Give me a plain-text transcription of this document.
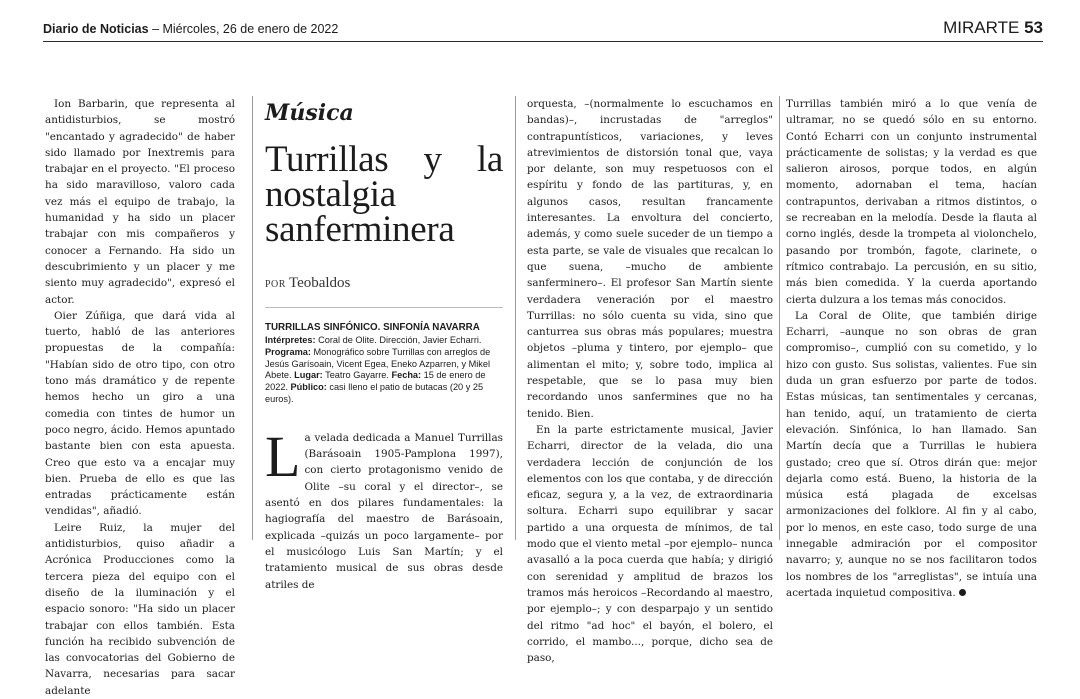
Diario de Noticias – Miércoles, 26 de enero de 2022	MIRARTE 53

Ion Barbarin, que representa al antidisturbios, se mostró "encantado y agradecido" de haber sido llamado por Inextremis para trabajar en el proyecto. "El proceso ha sido maravilloso, valoro cada vez más el equipo de trabajo, la humanidad y ha sido un placer trabajar con mis compañeros y conocer a Fernando. Ha sido un descubrimiento y un placer y me siento muy agradecido", expresó el actor.

Oier Zúñiga, que dará vida al tuerto, habló de las anteriores propuestas de la compañía: "Habían sido de otro tipo, con otro tono más dramático y de repente hemos hecho un giro a una comedia con tintes de humor un poco negro, ácido. Hemos apuntado bastante bien con esta apuesta. Creo que esto va a encajar muy bien. Prueba de ello es que las entradas prácticamente están vendidas", añadió.

Leire Ruiz, la mujer del antidisturbios, quiso añadir a Acrónica Producciones como la tercera pieza del equipo con el diseño de la iluminación y el espacio sonoro: "Ha sido un placer trabajar con ellos también. Esta función ha recibido subvención de las convocatorias del Gobierno de Navarra, necesarias para sacar adelante

Música
Turrillas y la nostalgia sanferminera
POR Teobaldos
TURRILLAS SINFÓNICO. SINFONÍA NAVARRA
Intérpretes: Coral de Olite. Dirección, Javier Echarri. Programa: Monográfico sobre Turrillas con arreglos de Jesús Garísoain, Vicent Egea, Eneko Azparren, y Mikel Abete. Lugar: Teatro Gayarre. Fecha: 15 de enero de 2022. Público: casi lleno el patio de butacas (20 y 25 euros).
La velada dedicada a Manuel Turrillas (Barásoain 1905-Pamplona 1997), con cierto protagonismo venido de Olite –su coral y el director–, se asentó en dos pilares fundamentales: la hagiografía del maestro de Barásoain, explicada –quizás un poco largamente– por el musicólogo Luis San Martín; y el tratamiento musical de sus obras desde atriles de

orquesta, –(normalmente lo escuchamos en bandas)–, incrustadas de "arreglos" contrapuntísticos, variaciones, y leves atrevimientos de distorsión tonal que, vaya por delante, son muy respetuosos con el espíritu y fondo de las partituras, y, en algunos casos, resultan francamente interesantes. La envoltura del concierto, además, y como suele suceder de un tiempo a esta parte, se vale de visuales que recalcan lo que suena, –mucho de ambiente sanferminero–. El profesor San Martín siente verdadera veneración por el maestro Turrillas: no sólo cuenta su vida, sino que canturrea sus obras más populares; muestra objetos –pluma y tintero, por ejemplo– que alimentan el mito; y, sobre todo, implica al respetable, que se lo pasa muy bien recordando unos sanfermines que no ha tenido. Bien.

En la parte estrictamente musical, Javier Echarri, director de la velada, dio una verdadera lección de conjunción de los elementos con los que contaba, y de dirección eficaz, segura y, a la vez, de extraordinaria soltura. Echarri supo equilibrar y sacar partido a una orquesta de mínimos, de tal modo que el viento metal –por ejemplo– nunca avasalló a la poca cuerda que había; y dirigió con serenidad y amplitud de brazos los tramos más heroicos –Recordando al maestro, por ejemplo–; y con desparpajo y un sentido del ritmo "ad hoc" el bayón, el bolero, el corrido, el mambo..., porque, dicho sea de paso,

Turrillas también miró a lo que venía de ultramar, no se quedó sólo en su entorno. Contó Echarri con un conjunto instrumental prácticamente de solistas; y la verdad es que salieron airosos, porque todos, en algún momento, adornaban el tema, hacían contrapuntos, derivaban a ritmos distintos, o se recreaban en la melodía. Desde la flauta al corno inglés, desde la trompeta al violonchelo, pasando por trombón, fagote, clarinete, o rítmico contrabajo. La percusión, en su sitio, más bien comedida. Y la cuerda aportando cierta dulzura a los temas más conocidos.

La Coral de Olite, que también dirige Echarri, –aunque no son obras de gran compromiso–, cumplió con su cometido, y lo hizo con gusto. Sus solistas, valientes. Fue sin duda un gran esfuerzo por parte de todos. Estas músicas, tan sentimentales y cercanas, han tenido, aquí, un tratamiento de cierta elevación. Sinfónica, lo han llamado. San Martín decía que a Turrillas le hubiera gustado; creo que sí. Otros dirán que: mejor dejarla como está. Bueno, la historia de la música está plagada de excelsas armonizaciones del folklore. Al fin y al cabo, por lo menos, en este caso, todo surge de una innegable admiración por el compositor navarro; y, aunque no se nos facilitaron todos los nombres de los "arreglistas", se intuía una acertada inquietud compositiva.
